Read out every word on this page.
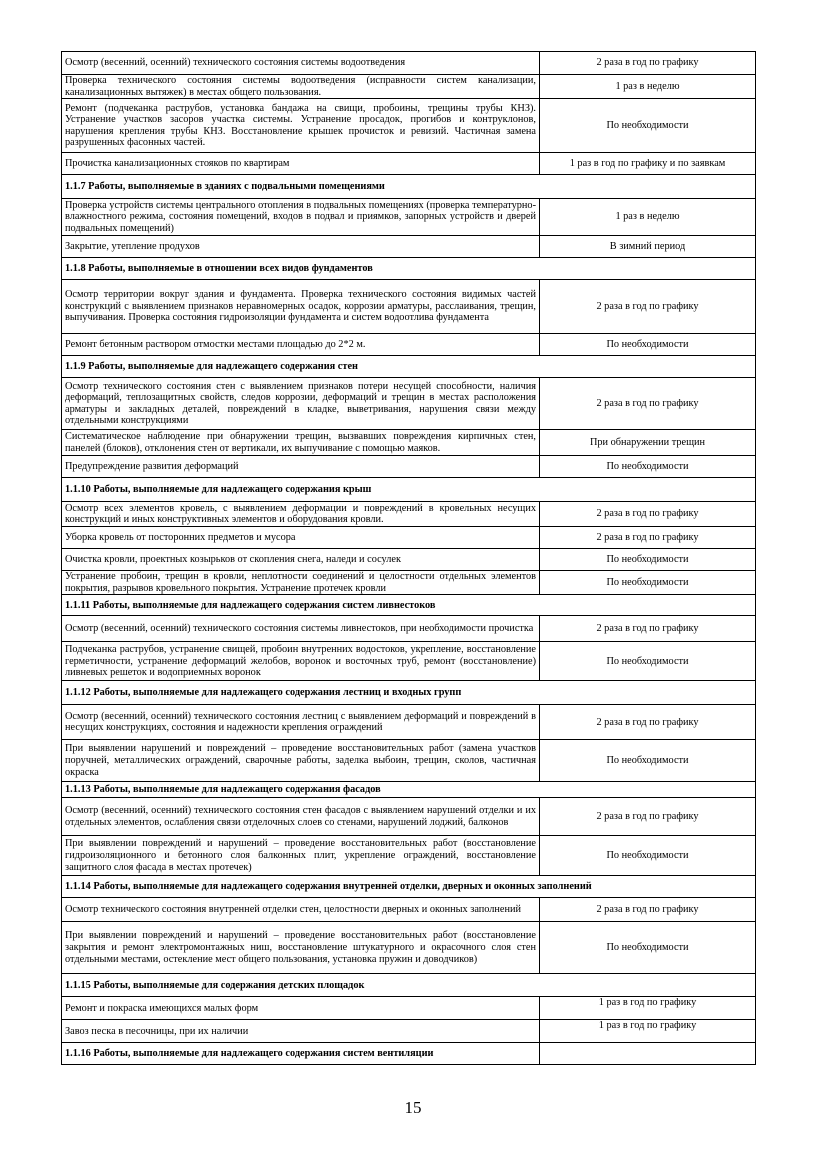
Осмотр (весенний, осенний) технического состояния системы водоотведения	2 раза в год по графику
Проверка технического состояния системы водоотведения (исправности систем канализации, канализационных вытяжек) в местах общего пользования.	1 раз в неделю
Ремонт (подчеканка раструбов, установка бандажа на свищи, пробоины, трещины трубы КНЗ). Устранение участков засоров участка системы. Устранение просадок, прогибов и контруклонов, нарушения крепления трубы КНЗ. Восстановление крышек прочисток и ревизий. Частичная замена разрушенных фасонных частей.	По необходимости
Прочистка канализационных стояков по квартирам	1 раз в год по графику и по заявкам
1.1.7 Работы, выполняемые в зданиях с подвальными помещениями	
Проверка устройств системы центрального отопления в подвальных помещениях (проверка температурно- влажностного режима, состояния помещений, входов в подвал и приямков, запорных устройств и дверей подвальных помещений)	1 раз в неделю
Закрытие, утепление продухов	В зимний период
1.1.8 Работы, выполняемые в отношении всех видов фундаментов	
Осмотр территории вокруг здания и фундамента. Проверка технического состояния видимых частей конструкций с выявлением признаков неравномерных осадок, коррозии арматуры, расслаивания, трещин, выпучивания. Проверка состояния гидроизоляции фундамента и систем водоотлива фундамента	2 раза в год по графику
Ремонт бетонным раствором отмостки местами площадью до 2*2 м.	По необходимости
1.1.9 Работы, выполняемые для надлежащего содержания стен	
Осмотр технического состояния стен с выявлением признаков потери несущей способности, наличия деформаций, теплозащитных свойств, следов коррозии, деформаций и трещин в местах расположения арматуры и закладных деталей, повреждений в кладке, выветривания, нарушения связи между отдельными конструкциями	2 раза в год по графику
Систематическое наблюдение при обнаружении трещин, вызвавших повреждения кирпичных стен, панелей (блоков), отклонения стен от вертикали, их выпучивание с помощью маяков.	При обнаружении трещин
Предупреждение развития деформаций	По необходимости
1.1.10 Работы, выполняемые для надлежащего содержания крыш	
Осмотр всех элементов кровель, с выявлением деформации и повреждений в кровельных несущих конструкций и иных конструктивных элементов и оборудования кровли.	2 раза в год по графику
Уборка кровель от посторонних предметов и мусора	2 раза в год по графику
Очистка кровли, проектных козырьков от скопления снега, наледи и сосулек	По необходимости
Устранение пробоин, трещин в кровли, неплотности соединений и целостности отдельных элементов покрытия, разрывов кровельного покрытия. Устранение протечек кровли	По необходимости
1.1.11 Работы, выполняемые для надлежащего содержания систем ливнестоков	
Осмотр (весенний, осенний) технического состояния системы ливнестоков, при необходимости прочистка	2 раза в год по графику
Подчеканка раструбов, устранение свищей, пробоин внутренних водостоков, укрепление, восстановление герметичности, устранение деформаций желобов, воронок и восточных труб, ремонт (восстановление) ливневых решеток и водоприемных воронок	По необходимости
1.1.12 Работы, выполняемые для надлежащего содержания лестниц и входных групп	
Осмотр (весенний, осенний) технического состояния лестниц с выявлением деформаций и повреждений в несущих конструкциях, состояния и надежности крепления ограждений	2 раза в год по графику
При выявлении нарушений и повреждений – проведение восстановительных работ (замена участков поручней, металлических ограждений, сварочные работы, заделка выбоин, трещин, сколов, частичная окраска	По необходимости
1.1.13 Работы, выполняемые для надлежащего содержания фасадов	
Осмотр (весенний, осенний) технического состояния стен фасадов с выявлением нарушений отделки и их отдельных элементов, ослабления связи отделочных слоев со стенами, нарушений лоджий, балконов	2 раза в год по графику
При выявлении повреждений и нарушений – проведение восстановительных работ (восстановление гидроизоляционного и бетонного слоя балконных плит, укрепление ограждений, восстановление защитного слоя фасада в местах протечек)	По необходимости
1.1.14 Работы, выполняемые для надлежащего содержания внутренней отделки, дверных и оконных заполнений	
Осмотр технического состояния внутренней отделки стен, целостности дверных и оконных заполнений	2 раза в год по графику
При выявлении повреждений и нарушений – проведение восстановительных работ (восстановление закрытия и ремонт электромонтажных ниш, восстановление штукатурного и окрасочного слоя стен отдельными местами, остекление мест общего пользования, установка пружин и доводчиков)	По необходимости
1.1.15 Работы, выполняемые для содержания детских площадок	
Ремонт и покраска имеющихся малых форм	1 раз в год по графику
Завоз песка в песочницы, при их наличии	1 раз в год по графику
1.1.16 Работы, выполняемые для надлежащего содержания систем вентиляции	
15
